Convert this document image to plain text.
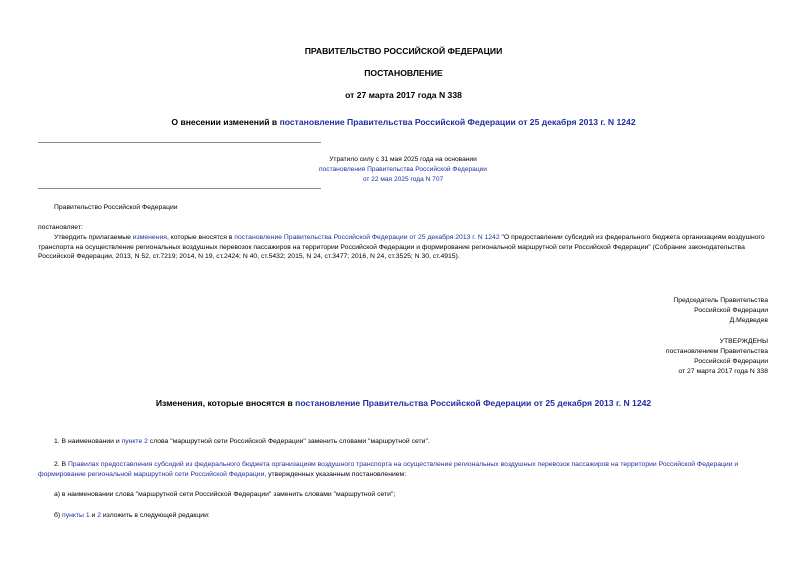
ПРАВИТЕЛЬСТВО РОССИЙСКОЙ ФЕДЕРАЦИИ
ПОСТАНОВЛЕНИЕ
от 27 марта 2017 года N 338
О внесении изменений в постановление Правительства Российской Федерации от 25 декабря 2013 г. N 1242
Утратило силу с 31 мая 2025 года на основании
постановления Правительства Российской Федерации
от 22 мая 2025 года N 707
Правительство Российской Федерации
постановляет:
Утвердить прилагаемые изменения, которые вносятся в постановление Правительства Российской Федерации от 25 декабря 2013 г. N 1242 "О предоставлении субсидий из федерального бюджета организациям воздушного транспорта на осуществление региональных воздушных перевозок пассажиров на территории Российской Федерации и формирование региональной маршрутной сети Российской Федерации" (Собрание законодательства Российской Федерации, 2013, N 52, ст.7219; 2014, N 19, ст.2424; N 40, ст.5432; 2015, N 24, ст.3477; 2016, N 24, ст.3525; N 30, ст.4915).
Председатель Правительства
Российской Федерации
Д.Медведев
УТВЕРЖДЕНЫ
постановлением Правительства
Российской Федерации
от 27 марта 2017 года N 338
Изменения, которые вносятся в постановление Правительства Российской Федерации от 25 декабря 2013 г. N 1242
1. В наименовании и пункте 2 слова "маршрутной сети Российской Федерации" заменить словами "маршрутной сети".
2. В Правилах предоставления субсидий из федерального бюджета организациям воздушного транспорта на осуществление региональных воздушных перевозок пассажиров на территории Российской Федерации и формирование региональной маршрутной сети Российской Федерации, утвержденных указанным постановлением:
а) в наименовании слова "маршрутной сети Российской Федерации" заменить словами "маршрутной сети";
б) пункты 1 и 2 изложить в следующей редакции:
